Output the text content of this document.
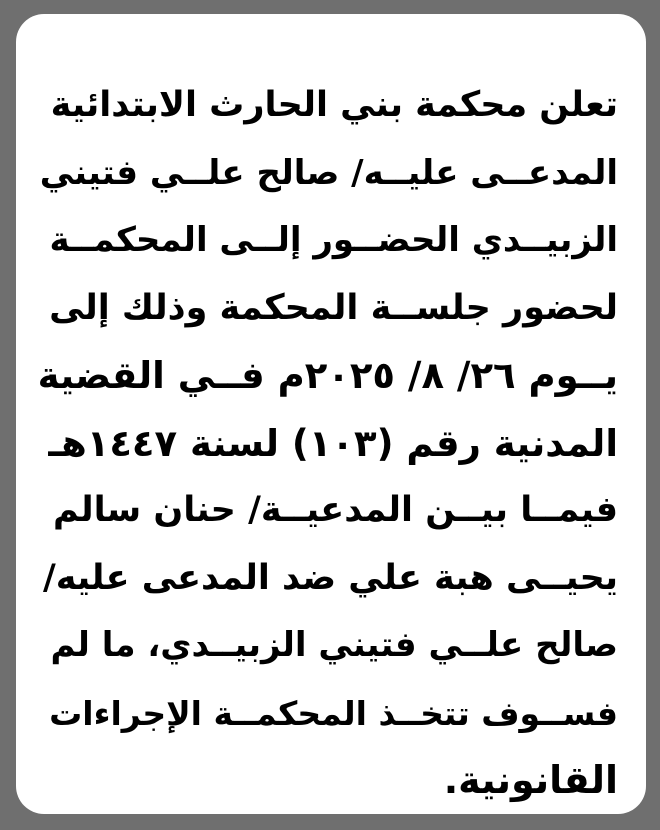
تعلن محكمة بني الحارث الابتدائية
المدعــى عليــه/ صالح علــي فتيني
الزبيــدي الحضــور إلــى المحكمــة
لحضور جلســة المحكمة وذلك إلى
يــوم ٢٦/ ٨/ ٢٠٢٥م فــي القضية
المدنية رقم (١٠٣) لسنة ١٤٤٧هـ
فيمــا بيــن المدعيــة/ حنان سالم
يحيــى هبة علي ضد المدعى عليه/
صالح علــي فتيني الزبيــدي، ما لم
فســوف تتخــذ المحكمــة الإجراءات
القانونية.
